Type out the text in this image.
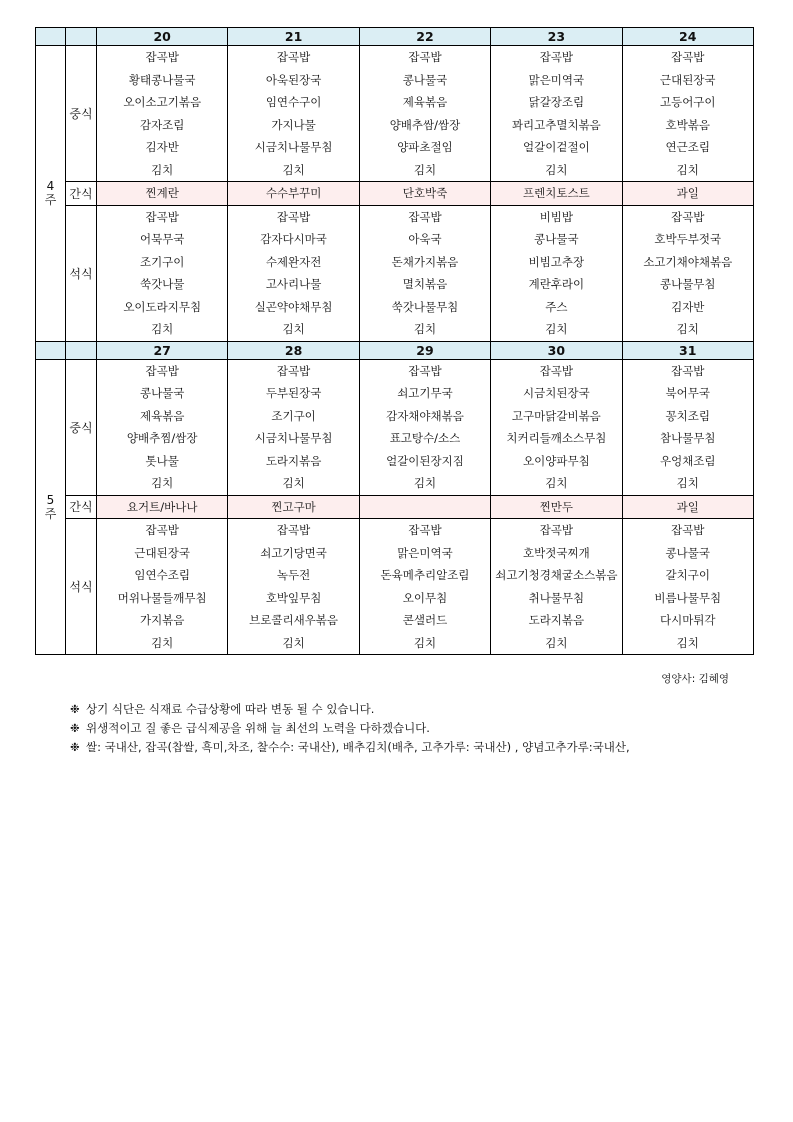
		20	21	22	23	24
4
주	중식	잡곡밥	잡곡밥	잡곡밥	잡곡밥	잡곡밥
		황태콩나물국	아욱된장국	콩나물국	맑은미역국	근대된장국
		오이소고기볶음	임연수구이	제육볶음	닭갈장조림	고등어구이
		감자조림	가지나물	양배추쌈/쌈장	꽈리고추멸치볶음	호박볶음
		김자반	시금치나물무침	양파초절임	얼갈이겉절이	연근조림
		김치	김치	김치	김치	김치
	간식	찐계란	수수부꾸미	단호박죽	프렌치토스트	과일
	석식	잡곡밥	잡곡밥	잡곡밥	비빔밥	잡곡밥
		어묵무국	감자다시마국	아욱국	콩나물국	호박두부젓국
		조기구이	수제완자전	돈채가지볶음	비빔고추장	소고기채야채볶음
		쑥갓나물	고사리나물	멸치볶음	계란후라이	콩나물무침
		오이도라지무침	실곤약야채무침	쑥갓나물무침	주스	김자반
		김치	김치	김치	김치	김치
		27	28	29	30	31
5
주	중식	잡곡밥	잡곡밥	잡곡밥	잡곡밥	잡곡밥
		콩나물국	두부된장국	쇠고기무국	시금치된장국	북어무국
		제육볶음	조기구이	감자채야채볶음	고구마닭갈비볶음	꽁치조림
		양배추찜/쌈장	시금치나물무침	표고탕수/소스	치커리들깨소스무침	참나물무침
		톳나물	도라지볶음	얼갈이된장지짐	오이양파무침	우엉채조림
		김치	김치	김치	김치	김치
	간식	요거트/바나나	찐고구마		찐만두	과일
	석식	잡곡밥	잡곡밥	잡곡밥	잡곡밥	잡곡밥
		근대된장국	쇠고기당면국	맑은미역국	호박젓국찌개	콩나물국
		임연수조림	녹두전	돈육메추리알조림	쇠고기청경채굴소스볶음	갈치구이
		머위나물들깨무침	호박잎무침	오이무침	취나물무침	비름나물무침
		가지볶음	브로콜리새우볶음	콘샐러드	도라지볶음	다시마튀각
		김치	김치	김치	김치	김치
영양사: 김혜영
❉ 상기 식단은 식재료 수급상황에 따라 변동 될 수 있습니다.
❉ 위생적이고 질 좋은 급식제공을 위해 늘 최선의 노력을 다하겠습니다.
❉ 쌀: 국내산, 잡곡(찹쌀, 흑미,차조, 찰수수: 국내산), 배추김치(배추, 고추가루: 국내산) , 양념고추가루:국내산,
